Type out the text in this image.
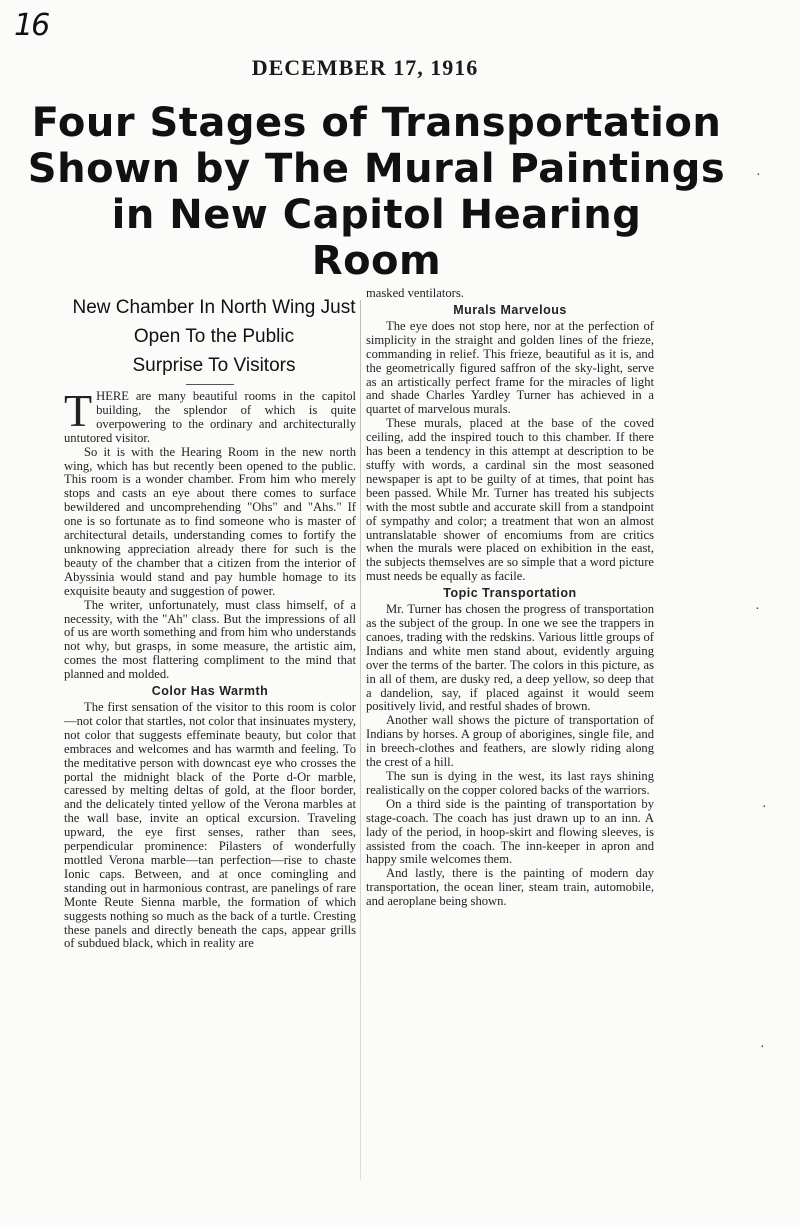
16
DECEMBER 17, 1916
Four Stages of Transportation
Shown by The Mural Paintings
in New Capitol Hearing
Room
New Chamber In North Wing Just
Open To the Public
Surprise To Visitors

THERE are many beautiful rooms in the capitol building, the splendor of which is quite overpowering to the ordinary and architecturally untutored visitor.

So it is with the Hearing Room in the new north wing, which has but recently been opened to the public. This room is a wonder chamber. From him who merely stops and casts an eye about there comes to surface bewildered and uncomprehending "Ohs" and "Ahs." If one is so fortunate as to find someone who is master of architectural details, understanding comes to fortify the unknowing appreciation already there for such is the beauty of the chamber that a citizen from the interior of Abyssinia would stand and pay humble homage to its exquisite beauty and suggestion of power.

The writer, unfortunately, must class himself, of a necessity, with the "Ah" class. But the impressions of all of us are worth something and from him who understands not why, but grasps, in some measure, the artistic aim, comes the most flattering compliment to the mind that planned and molded.

Color Has Warmth

The first sensation of the visitor to this room is color—not color that startles, not color that insinuates mystery, not color that suggests effeminate beauty, but color that embraces and welcomes and has warmth and feeling. To the meditative person with downcast eye who crosses the portal the midnight black of the Porte d-Or marble, caressed by melting deltas of gold, at the floor border, and the delicately tinted yellow of the Verona marbles at the wall base, invite an optical excursion. Traveling upward, the eye first senses, rather than sees, perpendicular prominence: Pilasters of wonderfully mottled Verona marble—tan perfection—rise to chaste Ionic caps. Between, and at once comingling and standing out in harmonious contrast, are panelings of rare Monte Reute Sienna marble, the formation of which suggests nothing so much as the back of a turtle. Cresting these panels and directly beneath the caps, appear grills of subdued black, which in reality are

masked ventilators.

Murals Marvelous

The eye does not stop here, nor at the perfection of simplicity in the straight and golden lines of the frieze, commanding in relief. This frieze, beautiful as it is, and the geometrically figured saffron of the sky-light, serve as an artistically perfect frame for the miracles of light and shade Charles Yardley Turner has achieved in a quartet of marvelous murals.

These murals, placed at the base of the coved ceiling, add the inspired touch to this chamber. If there has been a tendency in this attempt at description to be stuffy with words, a cardinal sin the most seasoned newspaper is apt to be guilty of at times, that point has been passed. While Mr. Turner has treated his subjects with the most subtle and accurate skill from a standpoint of sympathy and color; a treatment that won an almost untranslatable shower of encomiums from are critics when the murals were placed on exhibition in the east, the subjects themselves are so simple that a word picture must needs be equally as facile.

Topic Transportation

Mr. Turner has chosen the progress of transportation as the subject of the group. In one we see the trappers in canoes, trading with the redskins. Various little groups of Indians and white men stand about, evidently arguing over the terms of the barter. The colors in this picture, as in all of them, are dusky red, a deep yellow, so deep that a dandelion, say, if placed against it would seem positively livid, and restful shades of brown.

Another wall shows the picture of transportation of Indians by horses. A group of aborigines, single file, and in breech-clothes and feathers, are slowly riding along the crest of a hill.

The sun is dying in the west, its last rays shining realistically on the copper colored backs of the warriors.

On a third side is the painting of transportation by stage-coach. The coach has just drawn up to an inn. A lady of the period, in hoop-skirt and flowing sleeves, is assisted from the coach. The inn-keeper in apron and happy smile welcomes them.

And lastly, there is the painting of modern day transportation, the ocean liner, steam train, automobile, and aeroplane being shown.

·
·
·
·
